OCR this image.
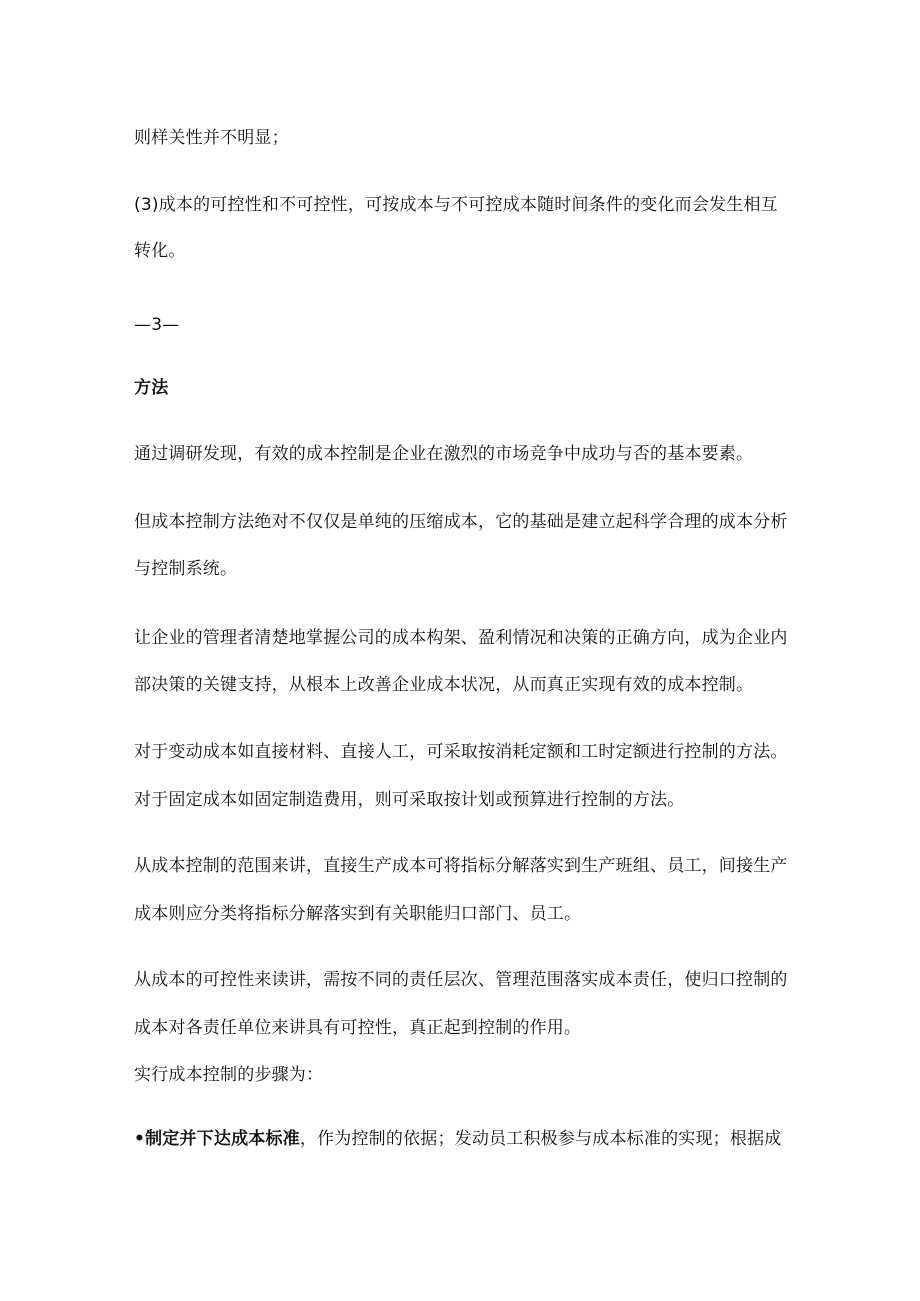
则样关性并不明显；
(3)成本的可控性和不可控性，可按成本与不可控成本随时间条件的变化而会发生相互
转化。
—3—
方法
通过调研发现，有效的成本控制是企业在激烈的市场竞争中成功与否的基本要素。
但成本控制方法绝对不仅仅是单纯的压缩成本，它的基础是建立起科学合理的成本分析
与控制系统。
让企业的管理者清楚地掌握公司的成本构架、盈利情况和决策的正确方向，成为企业内
部决策的关键支持，从根本上改善企业成本状况，从而真正实现有效的成本控制。
对于变动成本如直接材料、直接人工，可采取按消耗定额和工时定额进行控制的方法。
对于固定成本如固定制造费用，则可采取按计划或预算进行控制的方法。
从成本控制的范围来讲，直接生产成本可将指标分解落实到生产班组、员工，间接生产
成本则应分类将指标分解落实到有关职能归口部门、员工。
从成本的可控性来读讲，需按不同的责任层次、管理范围落实成本责任，使归口控制的
成本对各责任单位来讲具有可控性，真正起到控制的作用。
实行成本控制的步骤为：
•制定并下达成本标准，作为控制的依据；发动员工积极参与成本标准的实现；根据成
